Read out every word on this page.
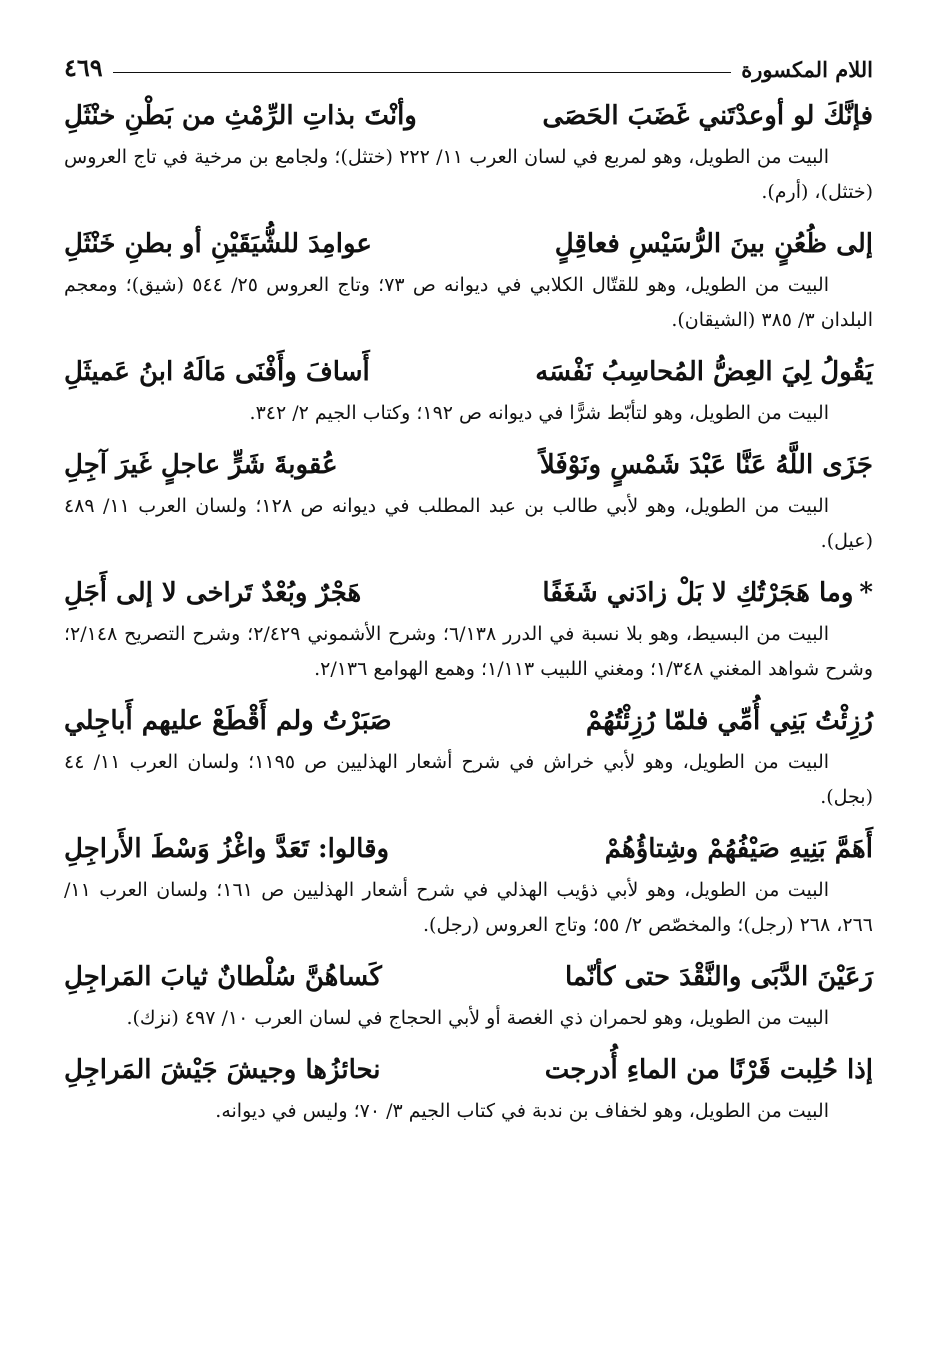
اللام المكسورة
٤٦٩
فإنَّكَ لو أوعدْتَني غَضَبَ الحَصَى
وأنْتَ بذاتِ الرِّمْثِ من بَطْنِ خنْثَلِ
البيت من الطويل، وهو لمربع في لسان العرب ١١/ ٢٢٢ (ختثل)؛ ولجامع بن مرخية في تاج العروس (ختثل)، (أرم).
إلى ظُعُنٍ بينَ الرُّسَيْسِ فعاقِلٍ
عوامِدَ للشُّيَقَيْنِ أو بطنِ خَنْثَلِ
البيت من الطويل، وهو للقتّال الكلابي في ديوانه ص ٧٣؛ وتاج العروس ٢٥/ ٥٤٤ (شيق)؛ ومعجم البلدان ٣/ ٣٨٥ (الشيقان).
يَقُولُ لِيَ العِضُّ المُحاسِبُ نَفْسَه
أَسافَ وأَفْنَى مَالَهُ ابنُ عَميثَلِ
البيت من الطويل، وهو لتأبّط شرًّا في ديوانه ص ١٩٢؛ وكتاب الجيم ٢/ ٣٤٢.
جَزَى اللَّهُ عَنَّا عَبْدَ شَمْسٍ ونَوْفَلاً
عُقوبةَ شَرٍّ عاجلٍ غَيرَ آجِلِ
البيت من الطويل، وهو لأبي طالب بن عبد المطلب في ديوانه ص ١٢٨؛ ولسان العرب ١١/ ٤٨٩ (عيل).
*وما هَجَرْتُكِ لا بَلْ زادَني شَغَفًا
هَجْرٌ وبُعْدٌ تَراخى لا إلى أَجَلِ
البيت من البسيط، وهو بلا نسبة في الدرر ٦/١٣٨؛ وشرح الأشموني ٢/٤٢٩؛ وشرح التصريح ٢/١٤٨؛ وشرح شواهد المغني ١/٣٤٨؛ ومغني اللبيب ١/١١٣؛ وهمع الهوامع ٢/١٣٦.
رُزِئْتُ بَنِي أُمِّي فلمّا رُزِئْتُهُمْ
صَبَرْتُ ولم أَقْطَعْ عليهم أَباجِلي
البيت من الطويل، وهو لأبي خراش في شرح أشعار الهذليين ص ١١٩٥؛ ولسان العرب ١١/ ٤٤ (بجل).
أَهَمَّ بَنِيهِ صَيْفُهُمْ وشِتاؤُهُمْ
وقالوا: تَعَدَّ واغْزُ وَسْطَ الأَراجِلِ
البيت من الطويل، وهو لأبي ذؤيب الهذلي في شرح أشعار الهذليين ص ١٦١؛ ولسان العرب ١١/ ٢٦٦، ٢٦٨ (رجل)؛ والمخصّص ٢/ ٥٥؛ وتاج العروس (رجل).
رَعَيْنَ الدَّبَى والنَّقْدَ حتى كأنّما
كَساهُنَّ سُلْطانٌ ثيابَ المَراجِلِ
البيت من الطويل، وهو لحمران ذي الغصة أو لأبي الحجاج في لسان العرب ١٠/ ٤٩٧ (نزك).
إذا حُلِبت قَرْنًا من الماءِ أُدرجت
نحائزُها وجيشَ جَيْشَ المَراجِلِ
البيت من الطويل، وهو لخفاف بن ندبة في كتاب الجيم ٣/ ٧٠؛ وليس في ديوانه.
